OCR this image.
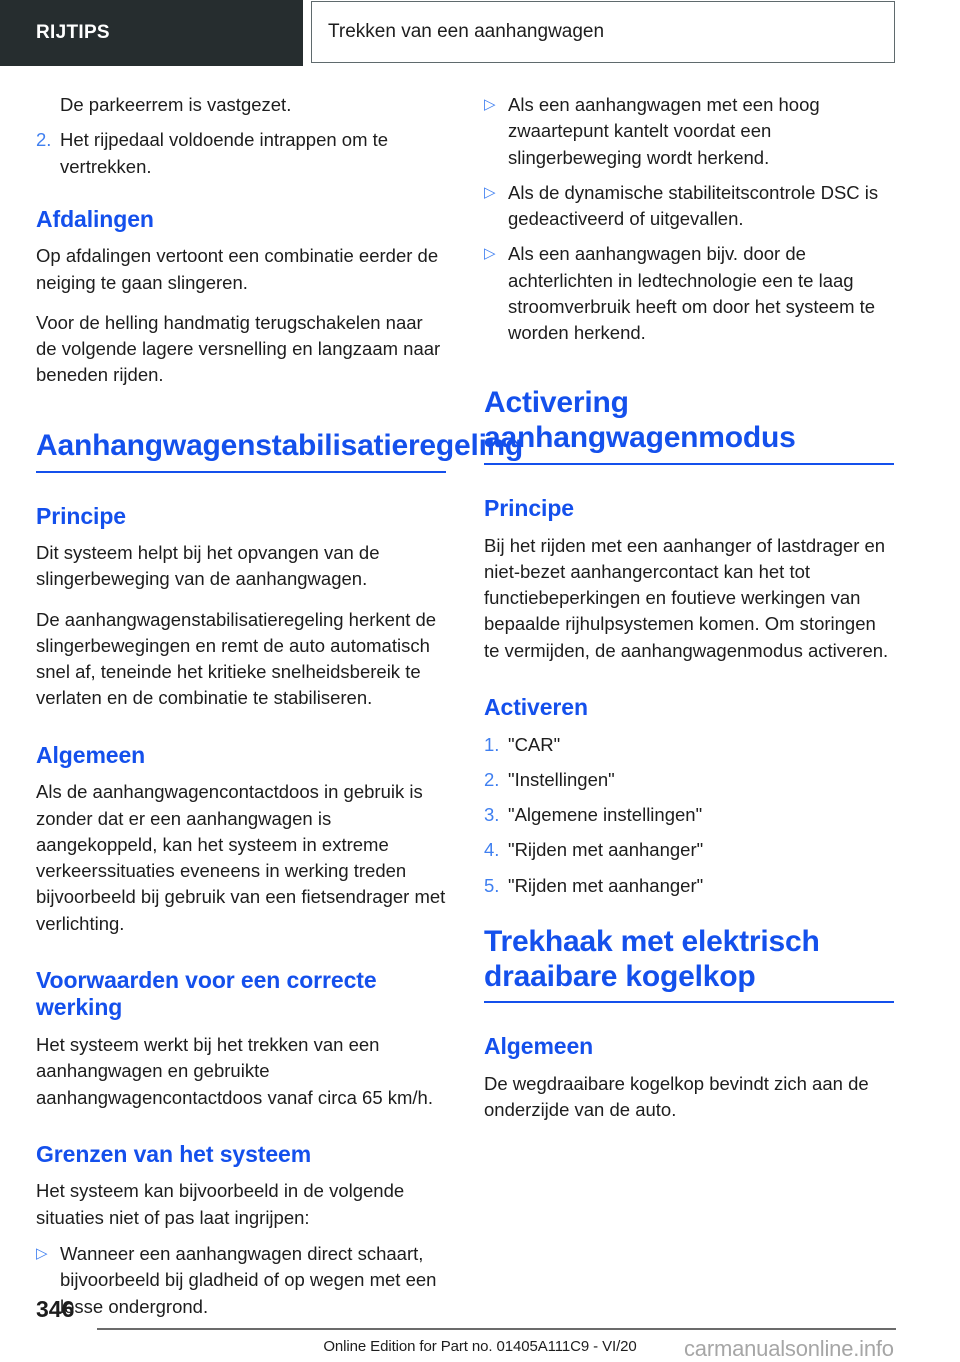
RIJTIPS	Trekken van een aanhangwagen
De parkeerrem is vastgezet.
2. Het rijpedaal voldoende intrappen om te vertrekken.
Afdalingen

Op afdalingen vertoont een combinatie eerder de neiging te gaan slingeren.

Voor de helling handmatig terugschakelen naar de volgende lagere versnelling en langzaam naar beneden rijden.

Aanhangwagenstabilisatieregeling
Principe

Dit systeem helpt bij het opvangen van de slingerbeweging van de aanhangwagen.

De aanhangwagenstabilisatieregeling herkent de slingerbewegingen en remt de auto automatisch snel af, teneinde het kritieke snelheidsbereik te verlaten en de combinatie te stabiliseren.

Algemeen

Als de aanhangwagencontactdoos in gebruik is zonder dat er een aanhangwagen is aangekoppeld, kan het systeem in extreme verkeerssituaties eveneens in werking treden bijvoorbeeld bij gebruik van een fietsendrager met verlichting.

Voorwaarden voor een correcte werking

Het systeem werkt bij het trekken van een aanhangwagen en gebruikte aanhangwagencontactdoos vanaf circa 65 km/h.

Grenzen van het systeem

Het systeem kan bijvoorbeeld in de volgende situaties niet of pas laat ingrijpen:

▷ Wanneer een aanhangwagen direct schaart, bijvoorbeeld bij gladheid of op wegen met een losse ondergrond.
▷ Als een aanhangwagen met een hoog zwaartepunt kantelt voordat een slingerbeweging wordt herkend.
▷ Als de dynamische stabiliteitscontrole DSC is gedeactiveerd of uitgevallen.
▷ Als een aanhangwagen bijv. door de achterlichten in ledtechnologie een te laag stroomverbruik heeft om door het systeem te worden herkend.
Activering aanhangwagenmodus
Principe

Bij het rijden met een aanhanger of lastdrager en niet-bezet aanhangercontact kan het tot functiebeperkingen en foutieve werkingen van bepaalde rijhulpsystemen komen. Om storingen te vermijden, de aanhangwagenmodus activeren.

Activeren
1. "CAR"
2. "Instellingen"
3. "Algemene instellingen"
4. "Rijden met aanhanger"
5. "Rijden met aanhanger"
Trekhaak met elektrisch draaibare kogelkop
Algemeen

De wegdraaibare kogelkop bevindt zich aan de onderzijde van de auto.

346
Online Edition for Part no. 01405A111C9 - VI/20	carmanualsonline.info
